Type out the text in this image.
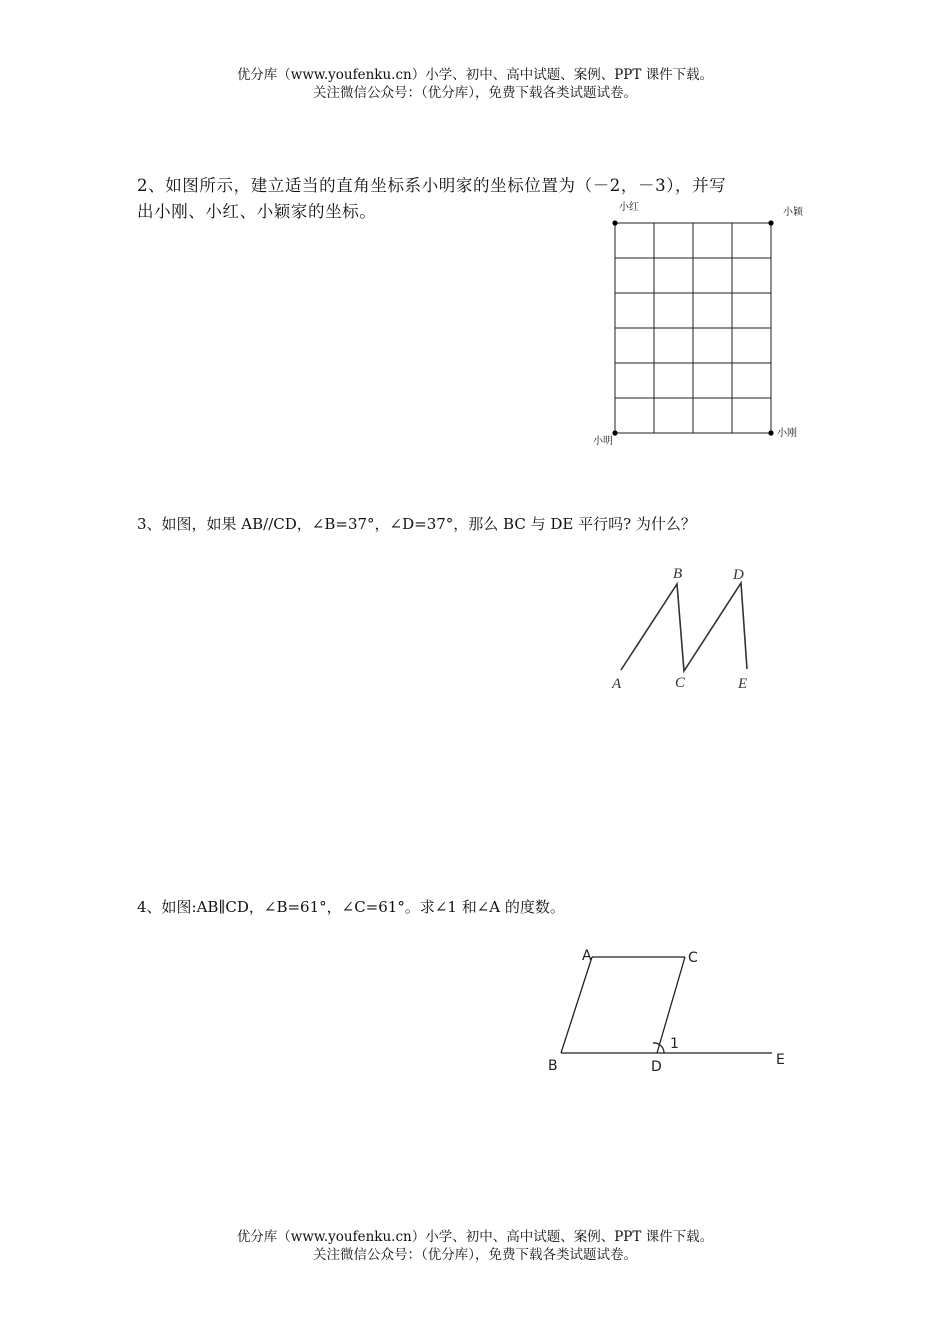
优分库（www.youfenku.cn）小学、初中、高中试题、案例、PPT 课件下载。
关注微信公众号：（优分库），免费下载各类试题试卷。
2、如图所示，建立适当的直角坐标系小明家的坐标位置为（－2，－3），并写
出小刚、小红、小颖家的坐标。	小红	小颖
小明
小刚
3、如图，如果 AB//CD，∠B=37°，∠D=37°，那么 BC 与 DE 平行吗? 为什么？
A
B
C
D
E
4、如图:AB∥CD，∠B=61°，∠C=61°。求∠1 和∠A 的度数。
A	C
B	D	E
1
优分库（www.youfenku.cn）小学、初中、高中试题、案例、PPT 课件下载。
关注微信公众号：（优分库），免费下载各类试题试卷。
